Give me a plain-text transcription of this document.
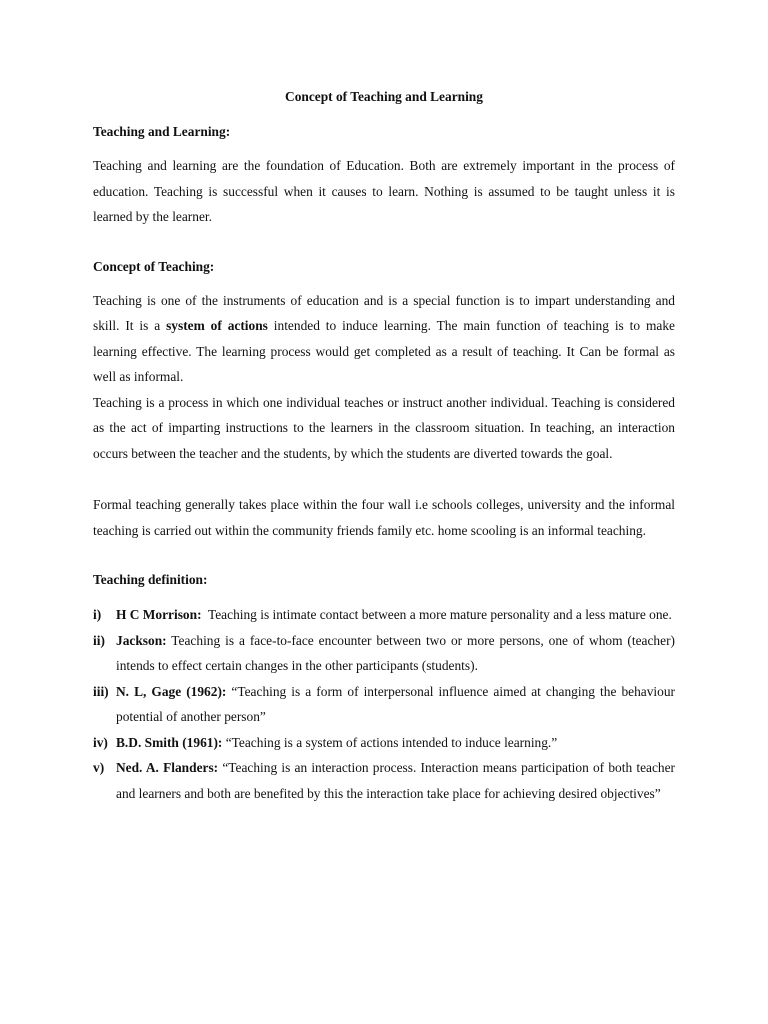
Concept of Teaching and Learning
Teaching and Learning:

Teaching and learning are the foundation of Education. Both are extremely important in the process of education. Teaching is successful when it causes to learn. Nothing is assumed to be taught unless it is learned by the learner.

Concept of Teaching:

Teaching is one of the instruments of education and is a special function is to impart understanding and skill. It is a system of actions intended to induce learning. The main function of teaching is to make learning effective. The learning process would get completed as a result of teaching. It Can be formal as well as informal.

Teaching is a process in which one individual teaches or instruct another individual. Teaching is considered as the act of imparting instructions to the learners in the classroom situation. In teaching, an interaction occurs between the teacher and the students, by which the students are diverted towards the goal.

Formal teaching generally takes place within the four wall i.e schools colleges, university and the informal teaching is carried out within the community friends family etc. home scooling is an informal teaching.

Teaching definition:
i) H C Morrison:  Teaching is intimate contact between a more mature personality and a less mature one.
ii) Jackson: Teaching is a face-to-face encounter between two or more persons, one of whom (teacher) intends to effect certain changes in the other participants (students).
iii) N. L, Gage (1962): “Teaching is a form of interpersonal influence aimed at changing the behaviour potential of another person”
iv) B.D. Smith (1961): “Teaching is a system of actions intended to induce learning.”
v) Ned. A. Flanders: “Teaching is an interaction process. Interaction means participation of both teacher and learners and both are benefited by this the interaction take place for achieving desired objectives”
